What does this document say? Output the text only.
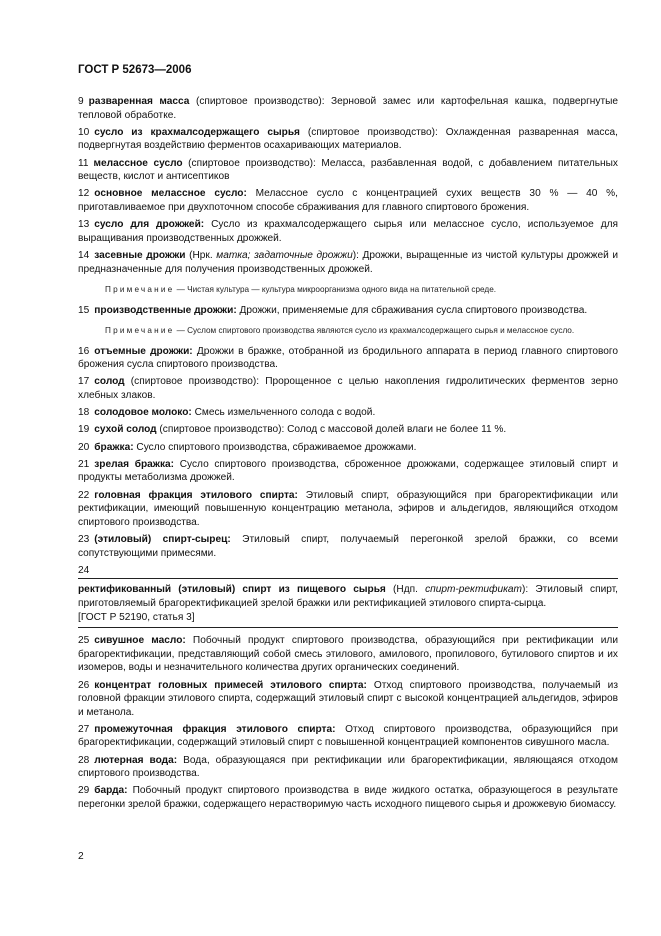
ГОСТ Р 52673—2006

9 разваренная масса (спиртовое производство): Зерновой замес или картофельная кашка, подвергнутые тепловой обработке.

10 сусло из крахмалсодержащего сырья (спиртовое производство): Охлажденная разваренная масса, подвергнутая воздействию ферментов осахаривающих материалов.

11 мелассное сусло (спиртовое производство): Меласса, разбавленная водой, с добавлением питательных веществ, кислот и антисептиков

12 основное мелассное сусло: Мелассное сусло с концентрацией сухих веществ 30 % — 40 %, приготавливаемое при двухпоточном способе сбраживания для главного спиртового брожения.

13 сусло для дрожжей: Сусло из крахмалсодержащего сырья или мелассное сусло, используемое для выращивания производственных дрожжей.

14 засевные дрожжи (Нрк. матка; задаточные дрожжи): Дрожжи, выращенные из чистой культуры дрожжей и предназначенные для получения производственных дрожжей.

Примечание — Чистая культура — культура микроорганизма одного вида на питательной среде.

15 производственные дрожжи: Дрожжи, применяемые для сбраживания сусла спиртового производства.

Примечание — Суслом спиртового производства являются сусло из крахмалсодержащего сырья и мелассное сусло.

16 отъемные дрожжи: Дрожжи в бражке, отобранной из бродильного аппарата в период главного спиртового брожения сусла спиртового производства.

17 солод (спиртовое производство): Пророщенное с целью накопления гидролитических ферментов зерно хлебных злаков.

18 солодовое молоко: Смесь измельченного солода с водой.

19 сухой солод (спиртовое производство): Солод с массовой долей влаги не более 11 %.

20 бражка: Сусло спиртового производства, сбраживаемое дрожжами.

21 зрелая бражка: Сусло спиртового производства, сброженное дрожжами, содержащее этиловый спирт и продукты метаболизма дрожжей.

22 головная фракция этилового спирта: Этиловый спирт, образующийся при брагоректификации или ректификации, имеющий повышенную концентрацию метанола, эфиров и альдегидов, являющийся отходом спиртового производства.

23 (этиловый) спирт-сырец: Этиловый спирт, получаемый перегонкой зрелой бражки, со всеми сопутствующими примесями.

24

ректификованный (этиловый) спирт из пищевого сырья (Ндп. спирт-ректификат): Этиловый спирт, приготовляемый брагоректификацией зрелой бражки или ректификацией этилового спирта-сырца.
[ГОСТ Р 52190, статья 3]

25 сивушное масло: Побочный продукт спиртового производства, образующийся при ректификации или брагоректификации, представляющий собой смесь этилового, амилового, пропилового, бутилового спиртов и их изомеров, воды и незначительного количества других органических соединений.

26 концентрат головных примесей этилового спирта: Отход спиртового производства, получаемый из головной фракции этилового спирта, содержащий этиловый спирт с высокой концентрацией альдегидов, эфиров и метанола.

27 промежуточная фракция этилового спирта: Отход спиртового производства, образующийся при брагоректификации, содержащий этиловый спирт с повышенной концентрацией компонентов сивушного масла.

28 лютерная вода: Вода, образующаяся при ректификации или брагоректификации, являющаяся отходом спиртового производства.

29 барда: Побочный продукт спиртового производства в виде жидкого остатка, образующегося в результате перегонки зрелой бражки, содержащего нерастворимую часть исходного пищевого сырья и дрожжевую биомассу.

2
